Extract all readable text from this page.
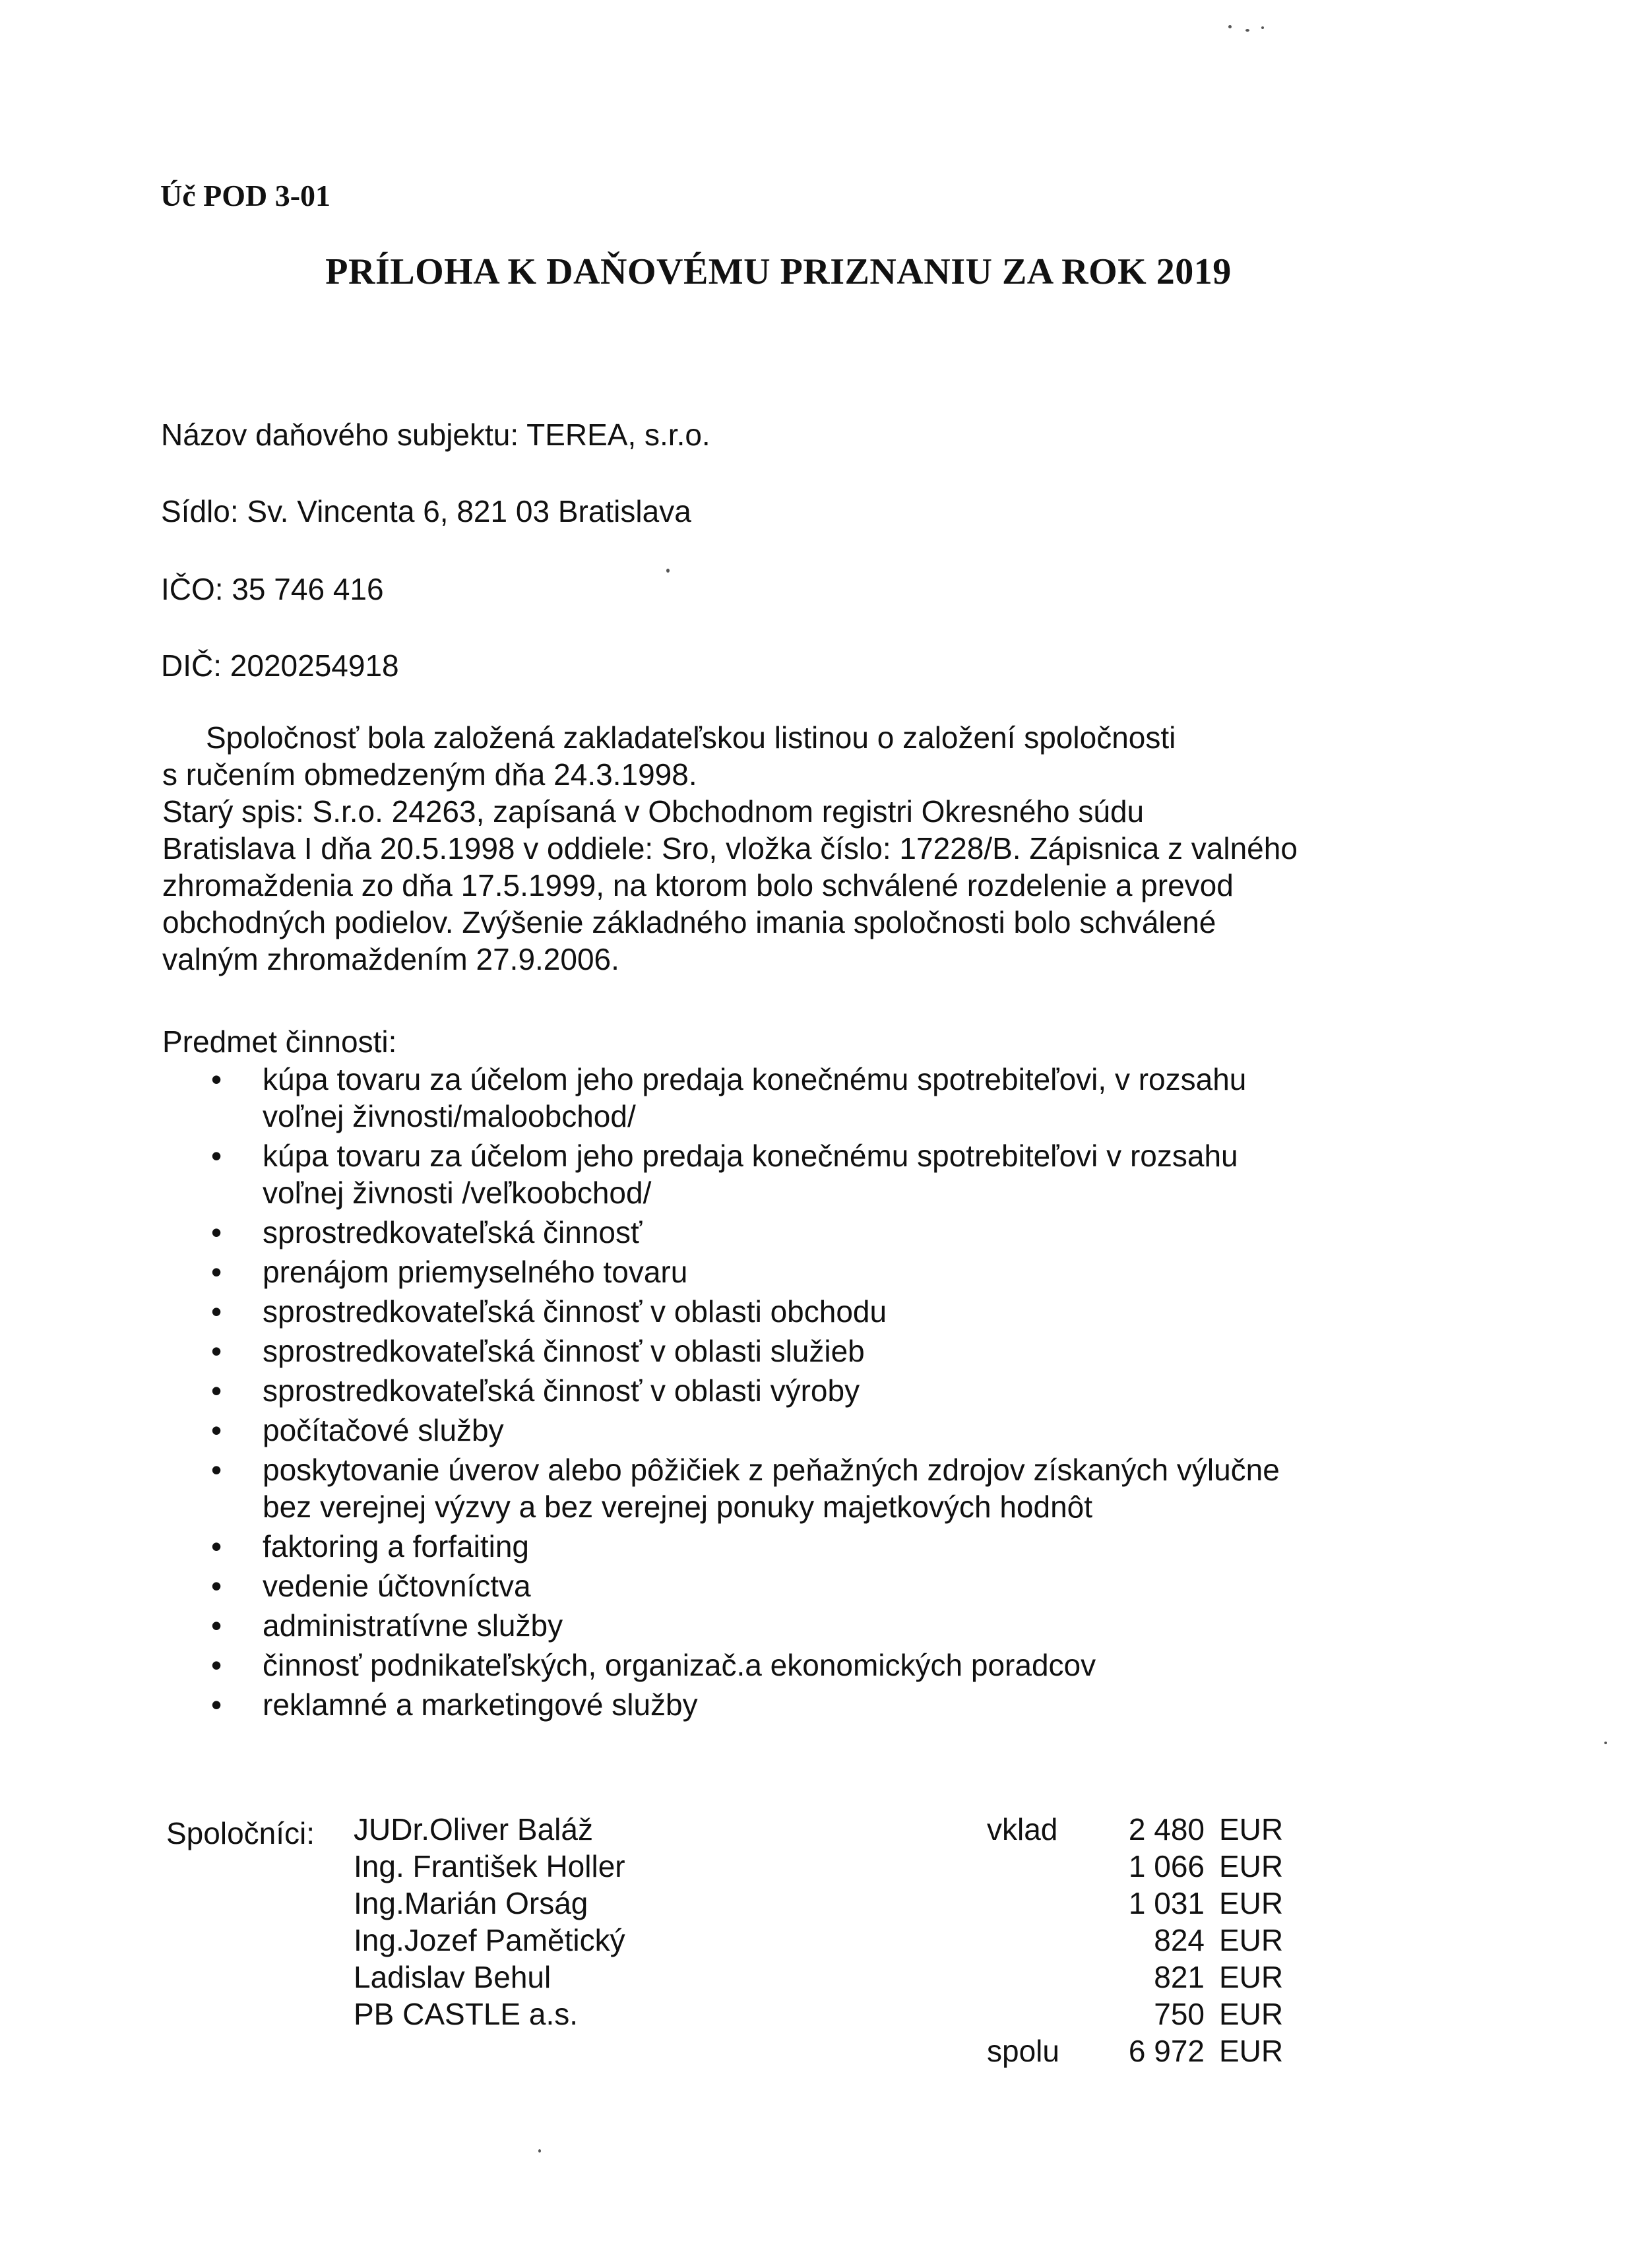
Úč POD 3-01
PRÍLOHA K DAŇOVÉMU PRIZNANIU ZA ROK 2019
Názov daňového subjektu: TEREA, s.r.o.
Sídlo: Sv. Vincenta 6, 821 03 Bratislava
IČO: 35 746 416
DIČ: 2020254918
Spoločnosť bola založená zakladateľskou listinou o založení spoločnosti
s ručením obmedzeným dňa 24.3.1998.
Starý spis: S.r.o. 24263, zapísaná v Obchodnom registri Okresného súdu
Bratislava I dňa 20.5.1998 v oddiele: Sro, vložka číslo: 17228/B. Zápisnica z valného
zhromaždenia zo dňa 17.5.1999, na ktorom bolo schválené rozdelenie a prevod
obchodných podielov. Zvýšenie základného imania spoločnosti bolo schválené
valným zhromaždením 27.9.2006.
Predmet činnosti:
• kúpa tovaru za účelom jeho predaja konečnému spotrebiteľovi, v rozsahu
voľnej živnosti/maloobchod/
• kúpa tovaru za účelom jeho predaja konečnému spotrebiteľovi v rozsahu
voľnej živnosti /veľkoobchod/
• sprostredkovateľská činnosť
• prenájom priemyselného tovaru
• sprostredkovateľská činnosť v oblasti obchodu
• sprostredkovateľská činnosť v oblasti služieb
• sprostredkovateľská činnosť v oblasti výroby
• počítačové služby
• poskytovanie úverov alebo pôžičiek z peňažných zdrojov získaných výlučne
bez verejnej výzvy a bez verejnej ponuky majetkových hodnôt
• faktoring a forfaiting
• vedenie účtovníctva
• administratívne služby
• činnosť podnikateľských, organizač.a ekonomických poradcov
• reklamné a marketingové služby
Spoločníci: JUDr.Oliver Baláž	vklad	2 480	EUR
Ing. František Holler		1 066	EUR
Ing.Marián Orság		1 031	EUR
Ing.Jozef Pamětický		824	EUR
Ladislav Behul		821	EUR
PB CASTLE a.s.		750	EUR
	spolu	6 972	EUR
